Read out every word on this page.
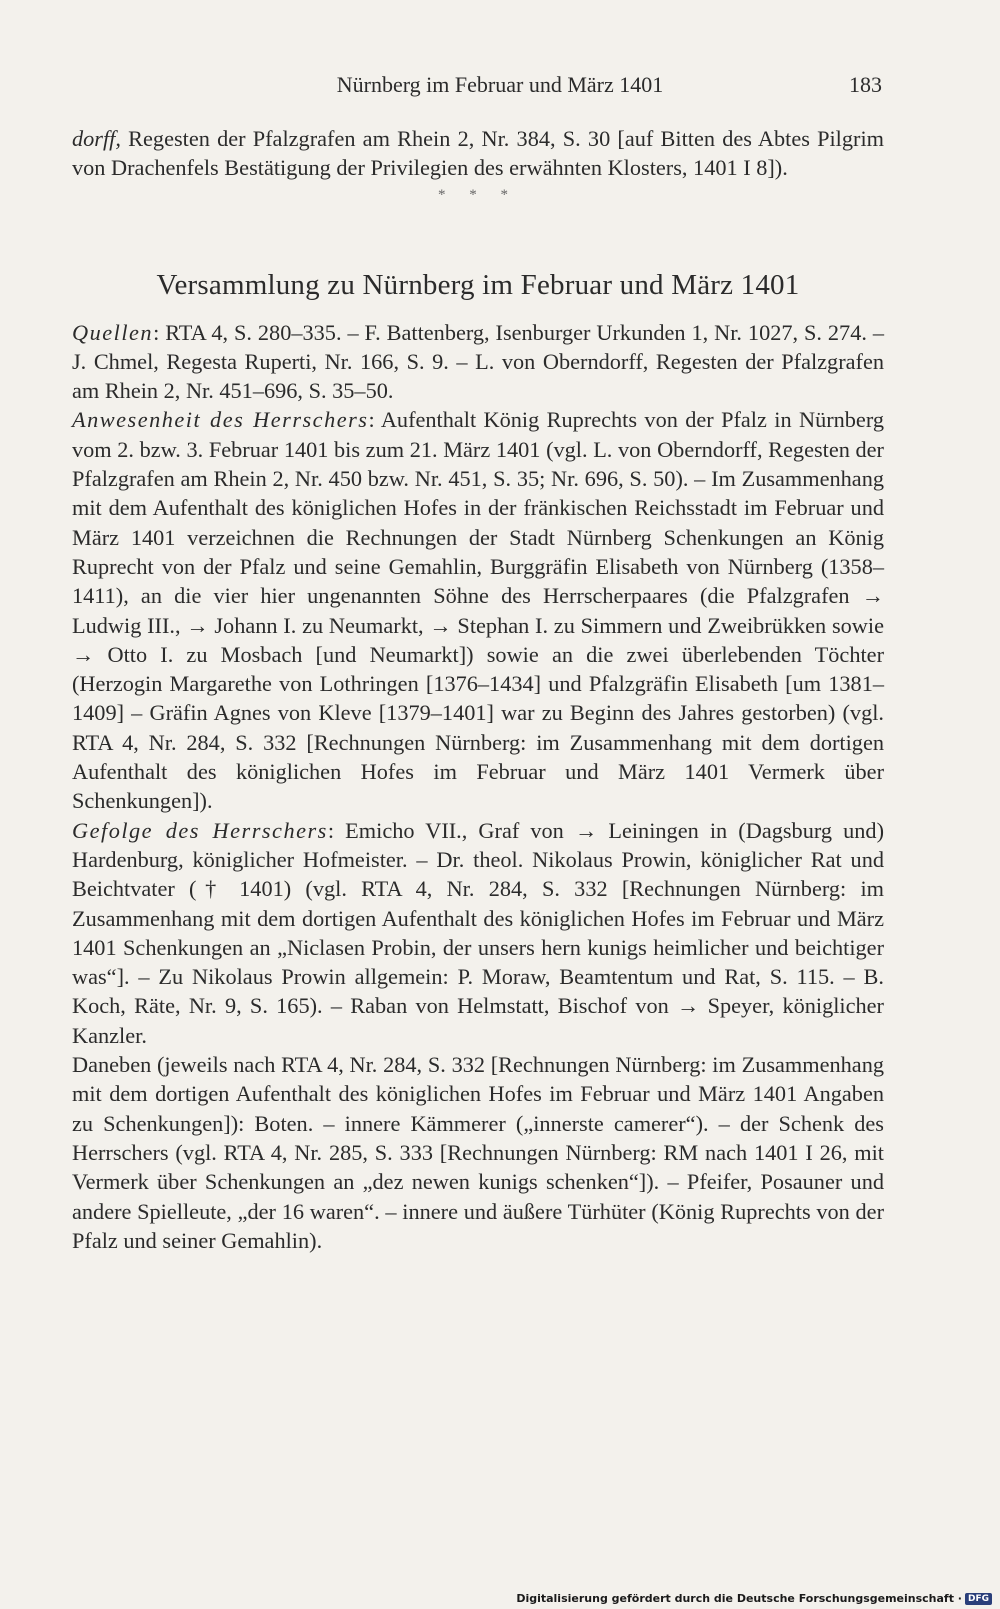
Nürnberg im Februar und März 1401	183

dorff, Regesten der Pfalzgrafen am Rhein 2, Nr. 384, S. 30 [auf Bitten des Abtes Pilgrim von Drachenfels Bestätigung der Privilegien des erwähnten Klosters, 1401 I 8]).

* * *
Versammlung zu Nürnberg im Februar und März 1401

Quellen: RTA 4, S. 280–335. – F. Battenberg, Isenburger Urkunden 1, Nr. 1027, S. 274. – J. Chmel, Regesta Ruperti, Nr. 166, S. 9. – L. von Oberndorff, Regesten der Pfalzgrafen am Rhein 2, Nr. 451–696, S. 35–50.

Anwesenheit des Herrschers: Aufenthalt König Ruprechts von der Pfalz in Nürnberg vom 2. bzw. 3. Februar 1401 bis zum 21. März 1401 (vgl. L. von Oberndorff, Regesten der Pfalzgrafen am Rhein 2, Nr. 450 bzw. Nr. 451, S. 35; Nr. 696, S. 50). – Im Zusammenhang mit dem Aufenthalt des königlichen Hofes in der fränkischen Reichsstadt im Februar und März 1401 verzeichnen die Rechnungen der Stadt Nürnberg Schenkungen an König Ruprecht von der Pfalz und seine Gemahlin, Burggräfin Elisabeth von Nürnberg (1358–1411), an die vier hier ungenannten Söhne des Herrscherpaares (die Pfalzgrafen → Ludwig III., → Johann I. zu Neumarkt, → Stephan I. zu Simmern und Zweibrükken sowie → Otto I. zu Mosbach [und Neumarkt]) sowie an die zwei überlebenden Töchter (Herzogin Margarethe von Lothringen [1376–1434] und Pfalzgräfin Elisabeth [um 1381–1409] – Gräfin Agnes von Kleve [1379–1401] war zu Beginn des Jahres gestorben) (vgl. RTA 4, Nr. 284, S. 332 [Rechnungen Nürnberg: im Zusammenhang mit dem dortigen Aufenthalt des königlichen Hofes im Februar und März 1401 Vermerk über Schenkungen]).

Gefolge des Herrschers: Emicho VII., Graf von → Leiningen in (Dagsburg und) Hardenburg, königlicher Hofmeister. – Dr. theol. Nikolaus Prowin, königlicher Rat und Beichtvater († 1401) (vgl. RTA 4, Nr. 284, S. 332 [Rechnungen Nürnberg: im Zusammenhang mit dem dortigen Aufenthalt des königlichen Hofes im Februar und März 1401 Schenkungen an „Niclasen Probin, der unsers hern kunigs heimlicher und beichtiger was“]. – Zu Nikolaus Prowin allgemein: P. Moraw, Beamtentum und Rat, S. 115. – B. Koch, Räte, Nr. 9, S. 165). – Raban von Helmstatt, Bischof von → Speyer, königlicher Kanzler.

Daneben (jeweils nach RTA 4, Nr. 284, S. 332 [Rechnungen Nürnberg: im Zusammenhang mit dem dortigen Aufenthalt des königlichen Hofes im Februar und März 1401 Angaben zu Schenkungen]): Boten. – innere Kämmerer („innerste camerer“). – der Schenk des Herrschers (vgl. RTA 4, Nr. 285, S. 333 [Rechnungen Nürnberg: RM nach 1401 I 26, mit Vermerk über Schenkungen an „dez newen kunigs schenken“]). – Pfeifer, Posauner und andere Spielleute, „der 16 waren“. – innere und äußere Türhüter (König Ruprechts von der Pfalz und seiner Gemahlin).

Digitalisierung gefördert durch die Deutsche Forschungsgemeinschaft · DFG
